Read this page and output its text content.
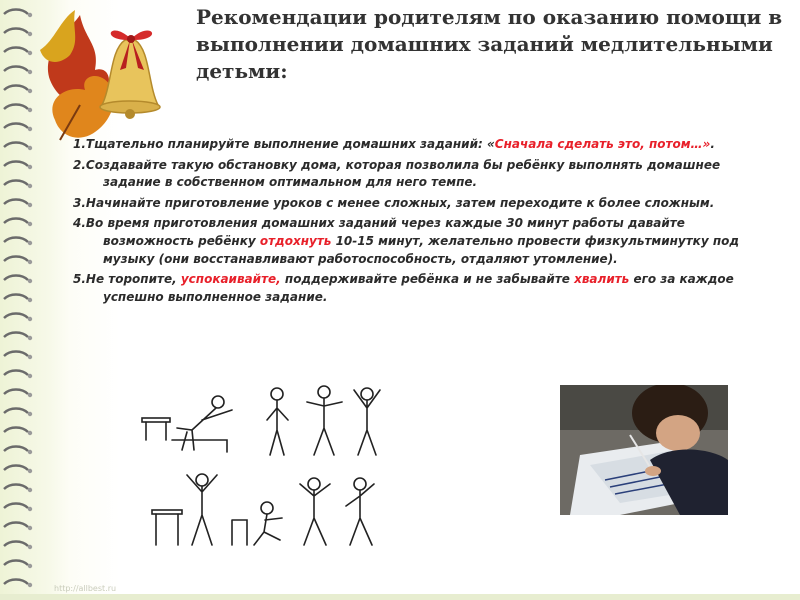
Рекомендации родителям по оказанию помощи в выполнении домашних заданий медлительными детьми:
1.Тщательно планируйте выполнение домашних заданий: «Сначала сделать это, потом…».
2.Создавайте такую обстановку дома, которая позволила бы ребёнку выполнять домашнее задание в собственном оптимальном для него темпе.
3.Начинайте приготовление уроков с менее сложных, затем переходите к более сложным.
4.Во время приготовления домашних заданий через каждые 30 минут работы давайте возможность ребёнку отдохнуть 10-15 минут, желательно провести физкультминутку под музыку (они восстанавливают работоспособность, отдаляют утомление).
5.Не торопите, успокаивайте, поддерживайте ребёнка и не забывайте хвалить его за каждое успешно выполненное задание.
http://allbest.ru
